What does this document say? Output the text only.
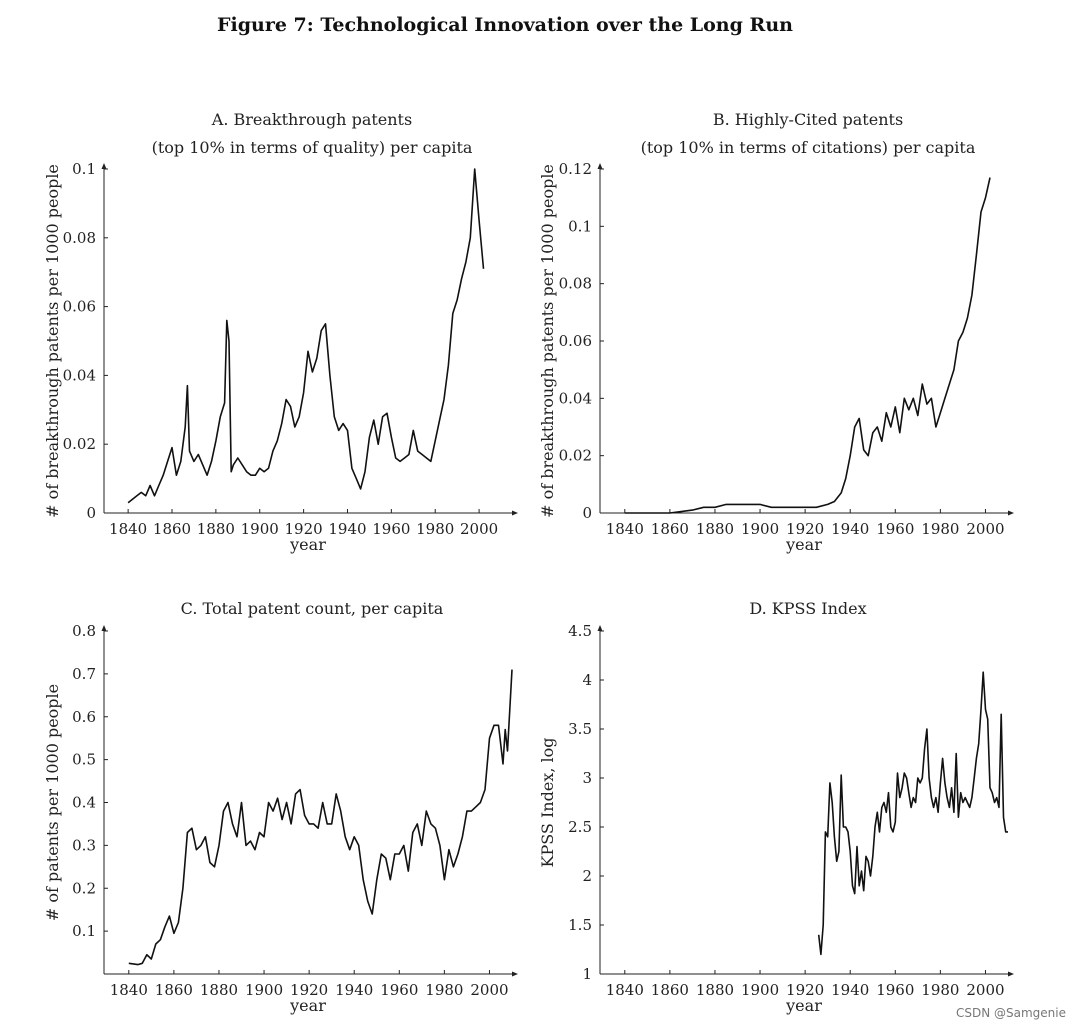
Figure 7: Technological Innovation over the Long Run
A. Breakthrough patents
(top 10% in terms of quality) per capita
1840 1860 1880 1900 1920 1940 1960 1980 2000
0
0.02
0.04
0.06
0.08
0.1
year
# of breakthrough patents per 1000 people
B. Highly-Cited patents
(top 10% in terms of citations) per capita
1840 1860 1880 1900 1920 1940 1960 1980 2000
0
0.02
0.04
0.06
0.08
0.1
0.12
year
# of breakthrough patents per 1000 people
C. Total patent count, per capita
1840 1860 1880 1900 1920 1940 1960 1980 2000
0.1
0.2
0.3
0.4
0.5
0.6
0.7
0.8
year
# of patents per 1000 people
D. KPSS Index
1840 1860 1880 1900 1920 1940 1960 1980 2000
1
1.5
2
2.5
3
3.5
4
4.5
year
KPSS Index, log
CSDN @Samgenie
